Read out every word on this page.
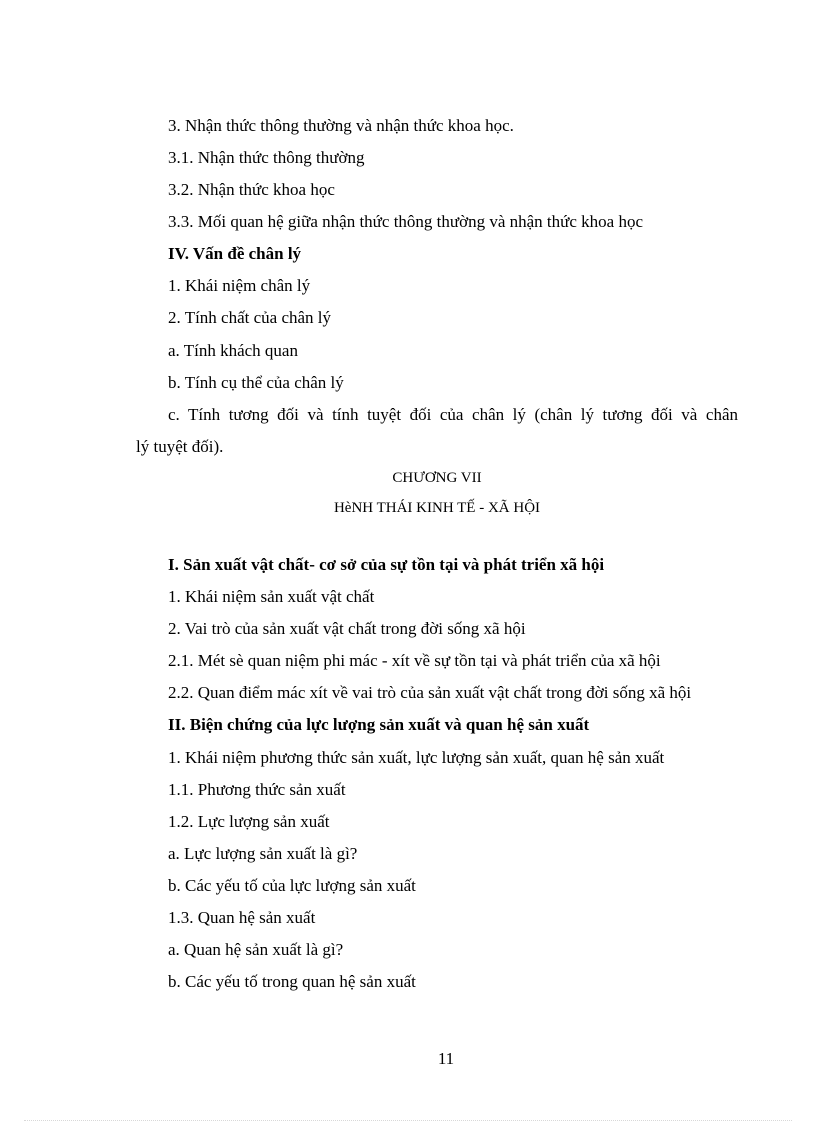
3. Nhận thức thông thường và nhận thức khoa học.
3.1. Nhận thức thông thường
3.2. Nhận thức khoa học
3.3. Mối quan hệ giữa nhận thức thông thường và nhận thức khoa học
IV. Vấn đề chân lý
1. Khái niệm chân lý
2. Tính chất của chân lý
a. Tính khách quan
b. Tính cụ thể của chân lý
c. Tính tương đối và tính tuyệt đối của chân lý (chân lý tương đối và chân
lý tuyệt đối).
CHƯƠNG VII
HèNH THÁI KINH TẾ - XÃ HỘI
I. Sản xuất vật chất- cơ sở của sự tồn tại và phát triển xã hội
1. Khái niệm sản xuất vật chất
2. Vai trò của sản xuất vật chất trong đời sống xã hội
2.1. Mét sè quan niệm phi mác - xít về sự tồn tại và phát triển của xã hội
2.2. Quan điểm mác xít về vai trò của sản xuất vật chất trong đời sống xã hội
II. Biện chứng của lực lượng sản xuất và quan hệ sản xuất
1. Khái niệm phương thức sản xuất, lực lượng sản xuất, quan hệ sản xuất
1.1. Phương thức sản xuất
1.2. Lực lượng sản xuất
a. Lực lượng sản xuất là gì?
b. Các yếu tố của lực lượng sản xuất
1.3. Quan hệ sản xuất
a. Quan hệ sản xuất là gì?
b. Các yếu tố trong quan hệ sản xuất
11
